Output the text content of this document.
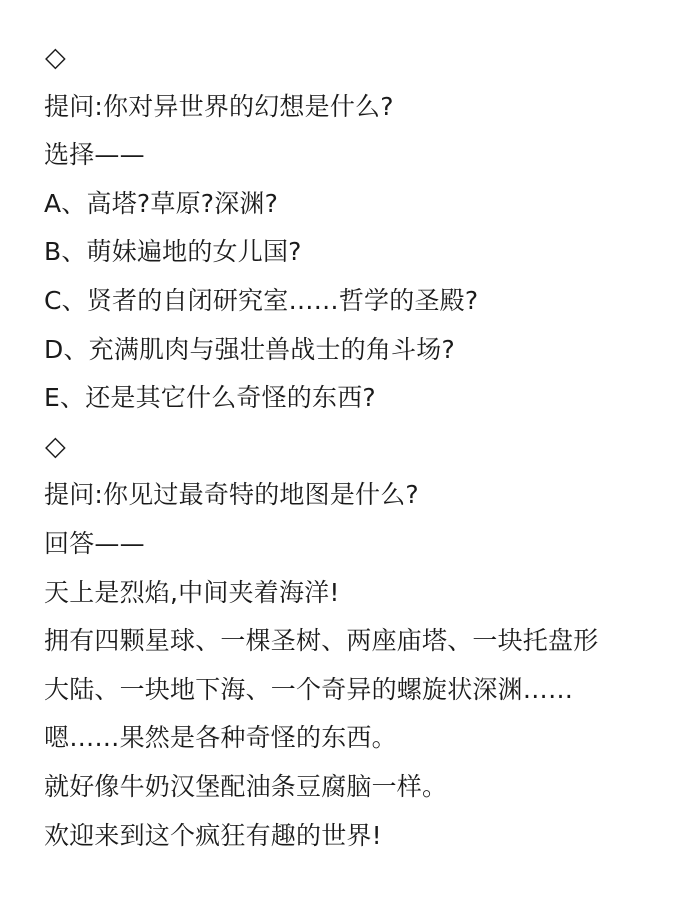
◇
提问:你对异世界的幻想是什么?
选择——
A、高塔?草原?深渊?
B、萌妹遍地的女儿国?
C、贤者的自闭研究室……哲学的圣殿?
D、充满肌肉与强壮兽战士的角斗场?
E、还是其它什么奇怪的东西?
◇
提问:你见过最奇特的地图是什么?
回答——
天上是烈焰,中间夹着海洋!
拥有四颗星球、一棵圣树、两座庙塔、一块托盘形
大陆、一块地下海、一个奇异的螺旋状深渊……
嗯……果然是各种奇怪的东西。
就好像牛奶汉堡配油条豆腐脑一样。
欢迎来到这个疯狂有趣的世界!
